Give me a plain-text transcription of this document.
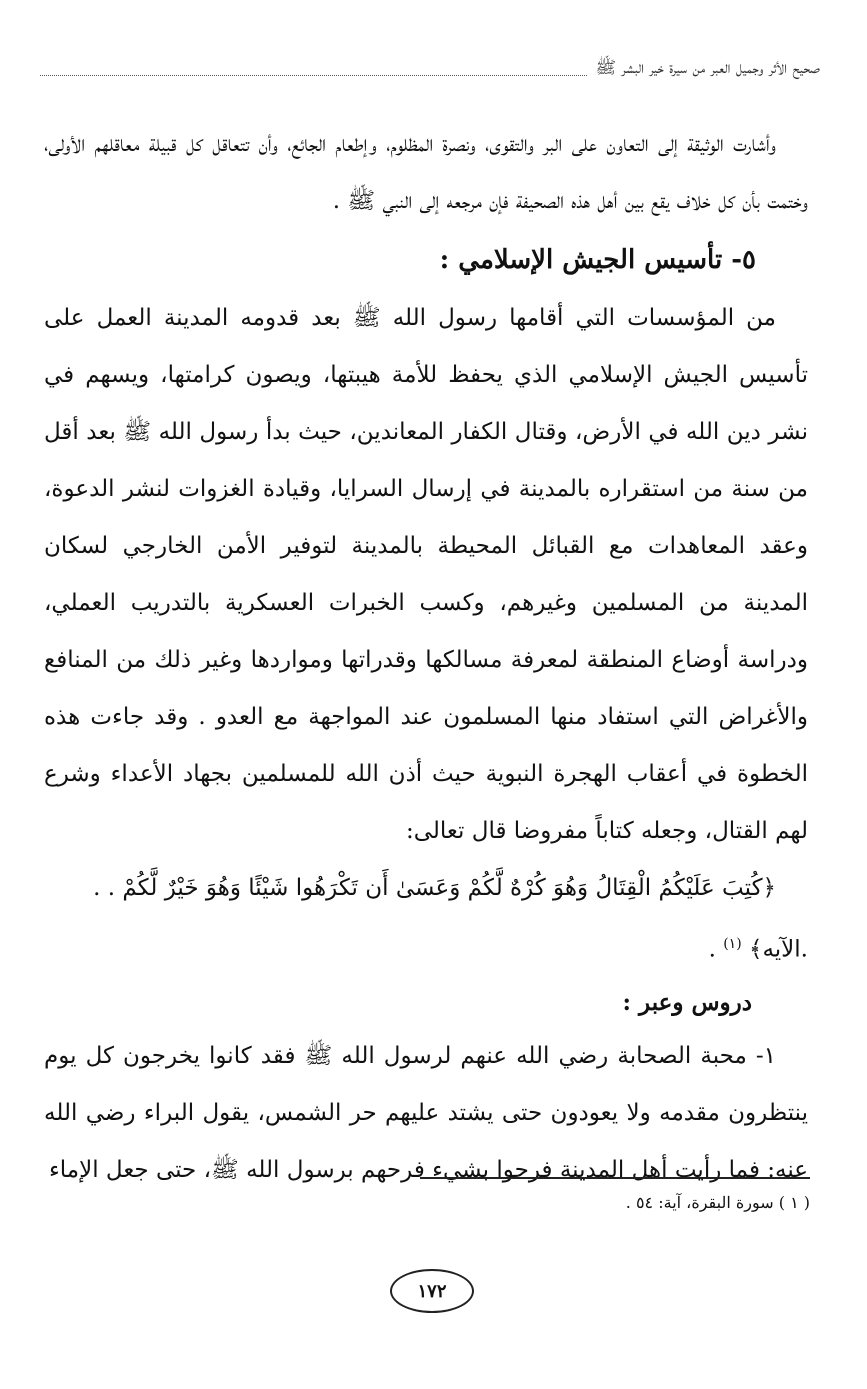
صحيح الأثر وجميل العبر من سيرة خير البشر ﷺ

وأشارت الوثيقة إلى التعاون على البر والتقوى، ونصرة المظلوم، وإطعام الجائع، وأن تتعاقل كل قبيلة معاقلهم الأولى، وختمت بأن كل خلاف يقع بين أهل هذه الصحيفة فإن مرجعه إلى النبي ﷺ .

٥- تأسيس الجيش الإسلامي :

من المؤسسات التي أقامها رسول الله ﷺ بعد قدومه المدينة العمل على تأسيس الجيش الإسلامي الذي يحفظ للأمة هيبتها، ويصون كرامتها، ويسهم في نشر دين الله في الأرض، وقتال الكفار المعاندين، حيث بدأ رسول الله ﷺ بعد أقل من سنة من استقراره بالمدينة في إرسال السرايا، وقيادة الغزوات لنشر الدعوة، وعقد المعاهدات مع القبائل المحيطة بالمدينة لتوفير الأمن الخارجي لسكان المدينة من المسلمين وغيرهم، وكسب الخبرات العسكرية بالتدريب العملي، ودراسة أوضاع المنطقة لمعرفة مسالكها وقدراتها ومواردها وغير ذلك من المنافع والأغراض التي استفاد منها المسلمون عند المواجهة مع العدو . وقد جاءت هذه الخطوة في أعقاب الهجرة النبوية حيث أذن الله للمسلمين بجهاد الأعداء وشرع لهم القتال، وجعله كتاباً مفروضا قال تعالى:

﴿كُتِبَ عَلَيْكُمُ الْقِتَالُ وَهُوَ كُرْهٌ لَّكُمْ وَعَسَىٰ أَن تَكْرَهُوا شَيْئًا وَهُوَ خَيْرٌ لَّكُمْ . . .الآيه﴾ $^{(١)}$ .

دروس وعبر :

١- محبة الصحابة رضي الله عنهم لرسول الله ﷺ فقد كانوا يخرجون كل يوم ينتظرون مقدمه ولا يعودون حتى يشتد عليهم حر الشمس، يقول البراء رضي الله عنه: فما رأيت أهل المدينة فرحوا بشيء فرحهم برسول الله ﷺ، حتى جعل الإماء

( ١ ) سورة البقرة، آية: ٥٤ .
١٧٢
